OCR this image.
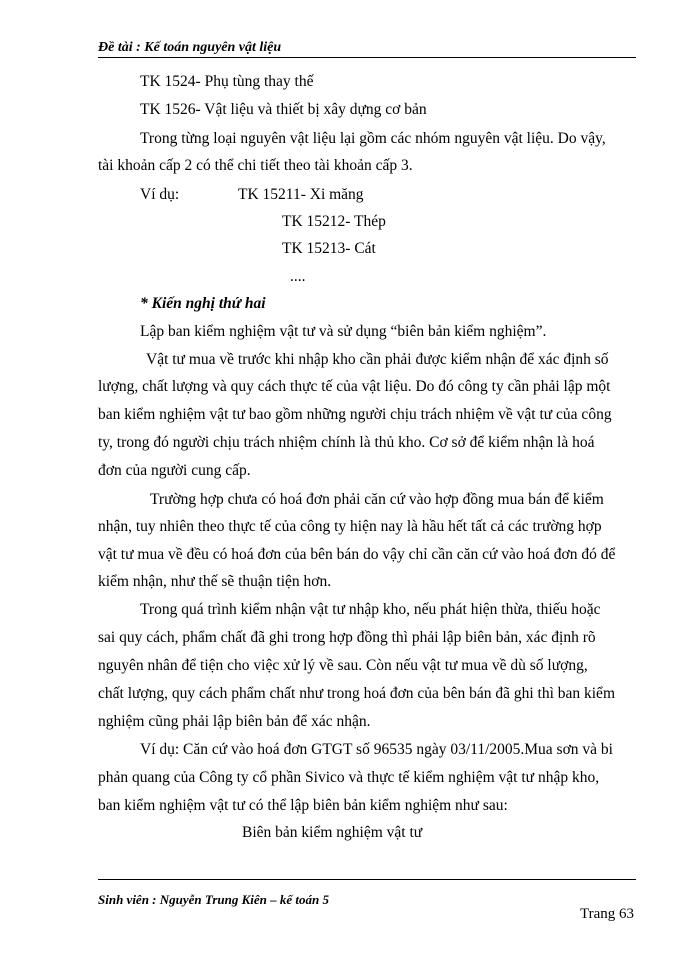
Đề tài : Kế toán nguyên vật liệu
TK 1524- Phụ tùng thay thế
TK 1526- Vật liệu và thiết bị xây dựng cơ bản
Trong từng loại nguyên vật liệu lại gồm các nhóm nguyên vật liệu. Do vậy,
tài khoản cấp 2 có thể chi tiết theo tài khoản cấp 3.
Ví dụ:	TK 15211- Xi măng
TK 15212- Thép
TK 15213- Cát
....
* Kiến nghị thứ hai
Lập ban kiểm nghiệm vật tư và sử dụng “biên bản kiểm nghiệm”.
Vật tư mua về trước khi nhập kho cần phải được kiểm nhận để xác định số
lượng, chất lượng và quy cách thực tế của vật liệu. Do đó công ty cần phải lập một
ban kiểm nghiệm vật tư bao gồm những người chịu trách nhiệm về vật tư của công
ty, trong đó người chịu trách nhiệm chính là thủ kho. Cơ sở để kiểm nhận là hoá
đơn của người cung cấp.
Trường hợp chưa có hoá đơn phải căn cứ vào hợp đồng mua bán để kiểm
nhận, tuy nhiên theo thực tế của công ty hiện nay là hầu hết tất cả các trường hợp
vật tư mua về đều có hoá đơn của bên bán do vậy chỉ cần căn cứ vào hoá đơn đó để
kiểm nhận, như thế sẽ thuận tiện hơn.
Trong quá trình kiểm nhận vật tư nhập kho, nếu phát hiện thừa, thiếu hoặc
sai quy cách, phẩm chất đã ghi trong hợp đồng thì phải lập biên bản, xác định rõ
nguyên nhân để tiện cho việc xử lý về sau. Còn nếu vật tư mua về dù số lượng,
chất lượng, quy cách phẩm chất như trong hoá đơn của bên bán đã ghi thì ban kiểm
nghiệm cũng phải lập biên bản để xác nhận.
Ví dụ: Căn cứ vào hoá đơn GTGT số 96535 ngày 03/11/2005.Mua sơn và bi
phản quang của Công ty cổ phần Sivico và thực tế kiểm nghiệm vật tư nhập kho,
ban kiểm nghiệm vật tư có thể lập biên bản kiểm nghiệm như sau:
Biên bản kiểm nghiệm vật tư
Sinh viên : Nguyễn Trung Kiên – kế toán 5
Trang 63
